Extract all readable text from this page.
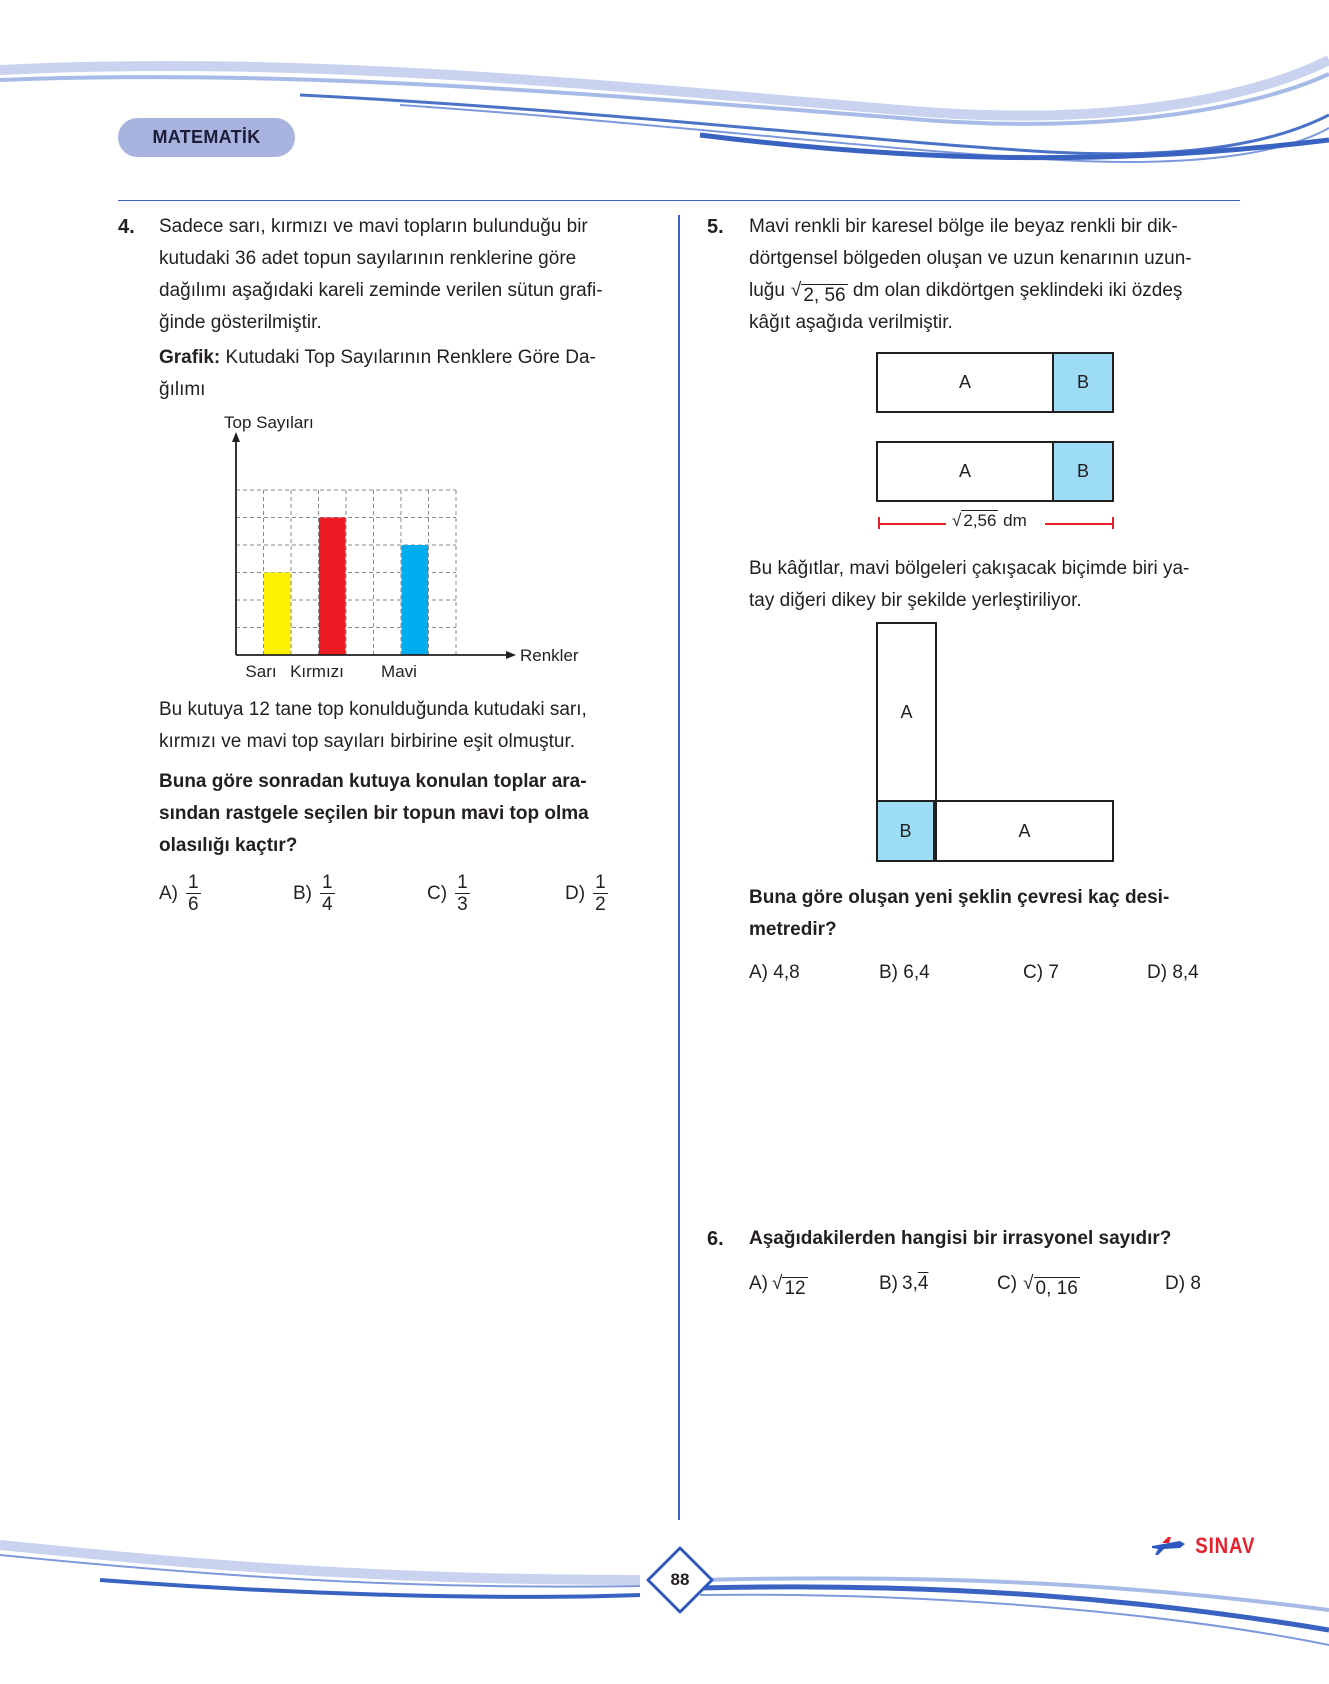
MATEMATİK
4. Sadece sarı, kırmızı ve mavi topların bulunduğu bir
kutudaki 36 adet topun sayılarının renklerine göre
dağılımı aşağıdaki kareli zeminde verilen sütun grafi-
ğinde gösterilmiştir.
Grafik: Kutudaki Top Sayılarının Renklere Göre Da-
ğılımı
Top Sayıları
Renkler
Sarı Kırmızı Mavi
Bu kutuya 12 tane top konulduğunda kutudaki sarı,
kırmızı ve mavi top sayıları birbirine eşit olmuştur.
Buna göre sonradan kutuya konulan toplar ara-
sından rastgele seçilen bir topun mavi top olma
olasılığı kaçtır?
$A) \frac{1}{6}$	$B) \frac{1}{4}$	$C) \frac{1}{3}$	$D) \frac{1}{2}$
5. Mavi renkli bir karesel bölge ile beyaz renkli bir dik-
dörtgensel bölgeden oluşan ve uzun kenarının uzun-
luğu √ 2, 56 dm olan dikdörtgen şeklindeki iki özdeş
kâğıt aşağıda verilmiştir.
A	B
A	B
√ 2,56 dm
Bu kâğıtlar, mavi bölgeleri çakışacak biçimde biri ya-
tay diğeri dikey bir şekilde yerleştiriliyor.
A
B	A
Buna göre oluşan yeni şeklin çevresi kaç desi-
metredir?
A) 4,8	B) 6,4	C) 7	D) 8,4
6. Aşağıdakilerden hangisi bir irrasyonel sayıdır?
A) √ 12	B) 3,4	C) √ 0, 16	D) 8
88
SINAV
